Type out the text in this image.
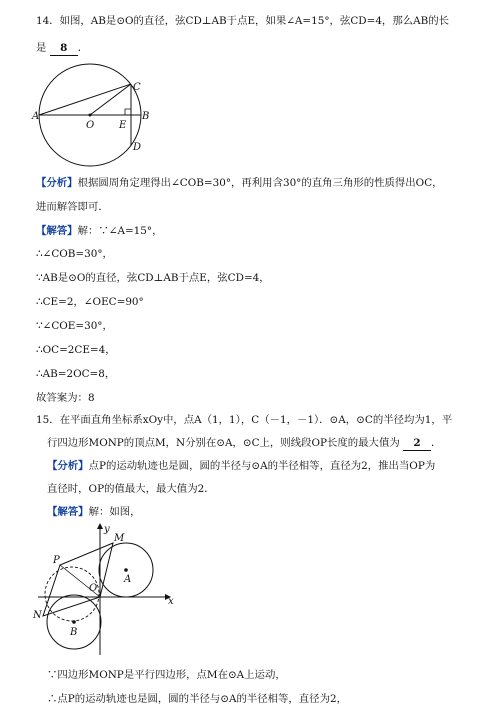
14．如图，AB是⊙O的直径，弦CD⊥AB于点E，如果∠A=15°，弦CD=4，那么AB的长
是 8 ．
A
O E
B
C
D
【分析】根据圆周角定理得出∠COB=30°，再利用含30°的直角三角形的性质得出OC，
进而解答即可．
【解答】解：∵∠A=15°，
∴∠COB=30°，
∵AB是⊙O的直径，弦CD⊥AB于点E，弦CD=4，
∴CE=2，∠OEC=90°
∵∠COE=30°，
∴OC=2CE=4，
∴AB=2OC=8，
故答案为：8
15．在平面直角坐标系xOy中，点A（1，1），C（－1，－1）．⊙A，⊙C的半径均为1，平
行四边形MONP的顶点M，N分别在⊙A，⊙C上，则线段OP长度的最大值为 2 ．
【分析】点P的运动轨迹也是圆，圆的半径与⊙A的半径相等，直径为2，推出当OP为
直径时，OP的值最大，最大值为2．
【解答】解：如图，
y
x
O
A
B
M
N
P
∵四边形MONP是平行四边形，点M在⊙A上运动，
∴点P的运动轨迹也是圆，圆的半径与⊙A的半径相等，直径为2，
